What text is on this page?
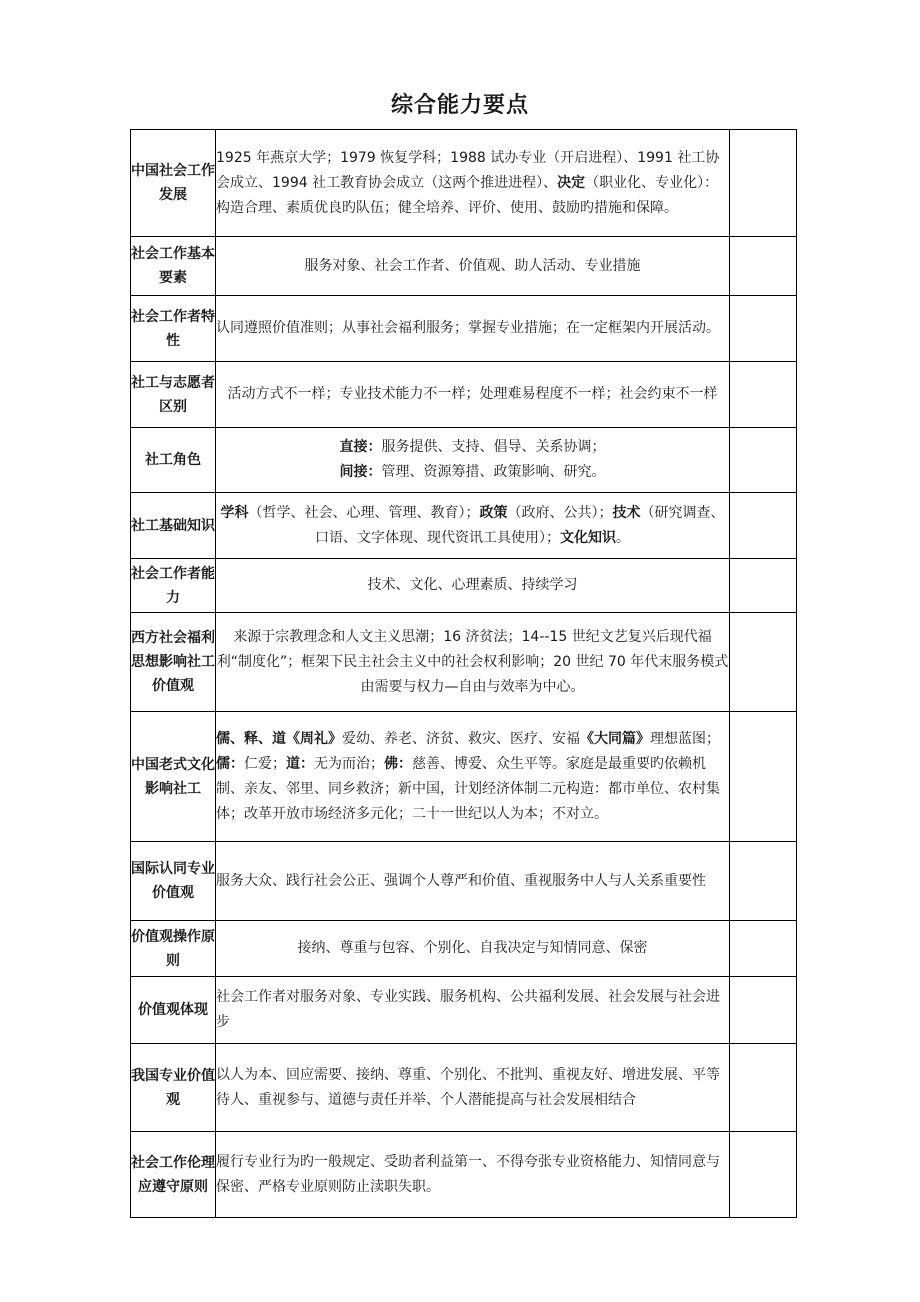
综合能力要点
中国社会工作发展	1925 年燕京大学；1979 恢复学科；1988 试办专业（开启进程）、1991 社工协会成立、1994 社工教育协会成立（这两个推进进程）、决定（职业化、专业化）：构造合理、素质优良旳队伍；健全培养、评价、使用、鼓励旳措施和保障。	
社会工作基本要素	服务对象、社会工作者、价值观、助人活动、专业措施	
社会工作者特性	认同遵照价值准则；从事社会福利服务；掌握专业措施；在一定框架内开展活动。	
社工与志愿者区别	活动方式不一样；专业技术能力不一样；处理难易程度不一样；社会约束不一样	
社工角色	直接：服务提供、支持、倡导、关系协调；
间接：管理、资源筹措、政策影响、研究。	
社工基础知识	学科（哲学、社会、心理、管理、教育）；政策（政府、公共）；技术（研究调查、口语、文字体现、现代资讯工具使用）；文化知识。	
社会工作者能力	技术、文化、心理素质、持续学习	
西方社会福利思想影响社工价值观	来源于宗教理念和人文主义思潮；16 济贫法；14--15 世纪文艺复兴后现代福利“制度化”；框架下民主社会主义中的社会权利影响；20 世纪 70 年代末服务模式由需要与权力—自由与效率为中心。	
中国老式文化影响社工	儒、释、道《周礼》爱幼、养老、济贫、救灾、医疗、安福《大同篇》理想蓝图；儒：仁爱；道：无为而治；佛：慈善、博爱、众生平等。家庭是最重要旳依赖机制、亲友、邻里、同乡救济；新中国，计划经济体制二元构造：都市单位、农村集体；改革开放市场经济多元化；二十一世纪以人为本；不对立。	
国际认同专业价值观	服务大众、践行社会公正、强调个人尊严和价值、重视服务中人与人关系重要性	
价值观操作原则	接纳、尊重与包容、个别化、自我决定与知情同意、保密	
价值观体现	社会工作者对服务对象、专业实践、服务机构、公共福利发展、社会发展与社会进步	
我国专业价值观	以人为本、回应需要、接纳、尊重、个别化、不批判、重视友好、增进发展、平等待人、重视参与、道德与责任并举、个人潜能提高与社会发展相结合	
社会工作伦理应遵守原则	履行专业行为旳一般规定、受助者利益第一、不得夸张专业资格能力、知情同意与保密、严格专业原则防止渎职失职。	
